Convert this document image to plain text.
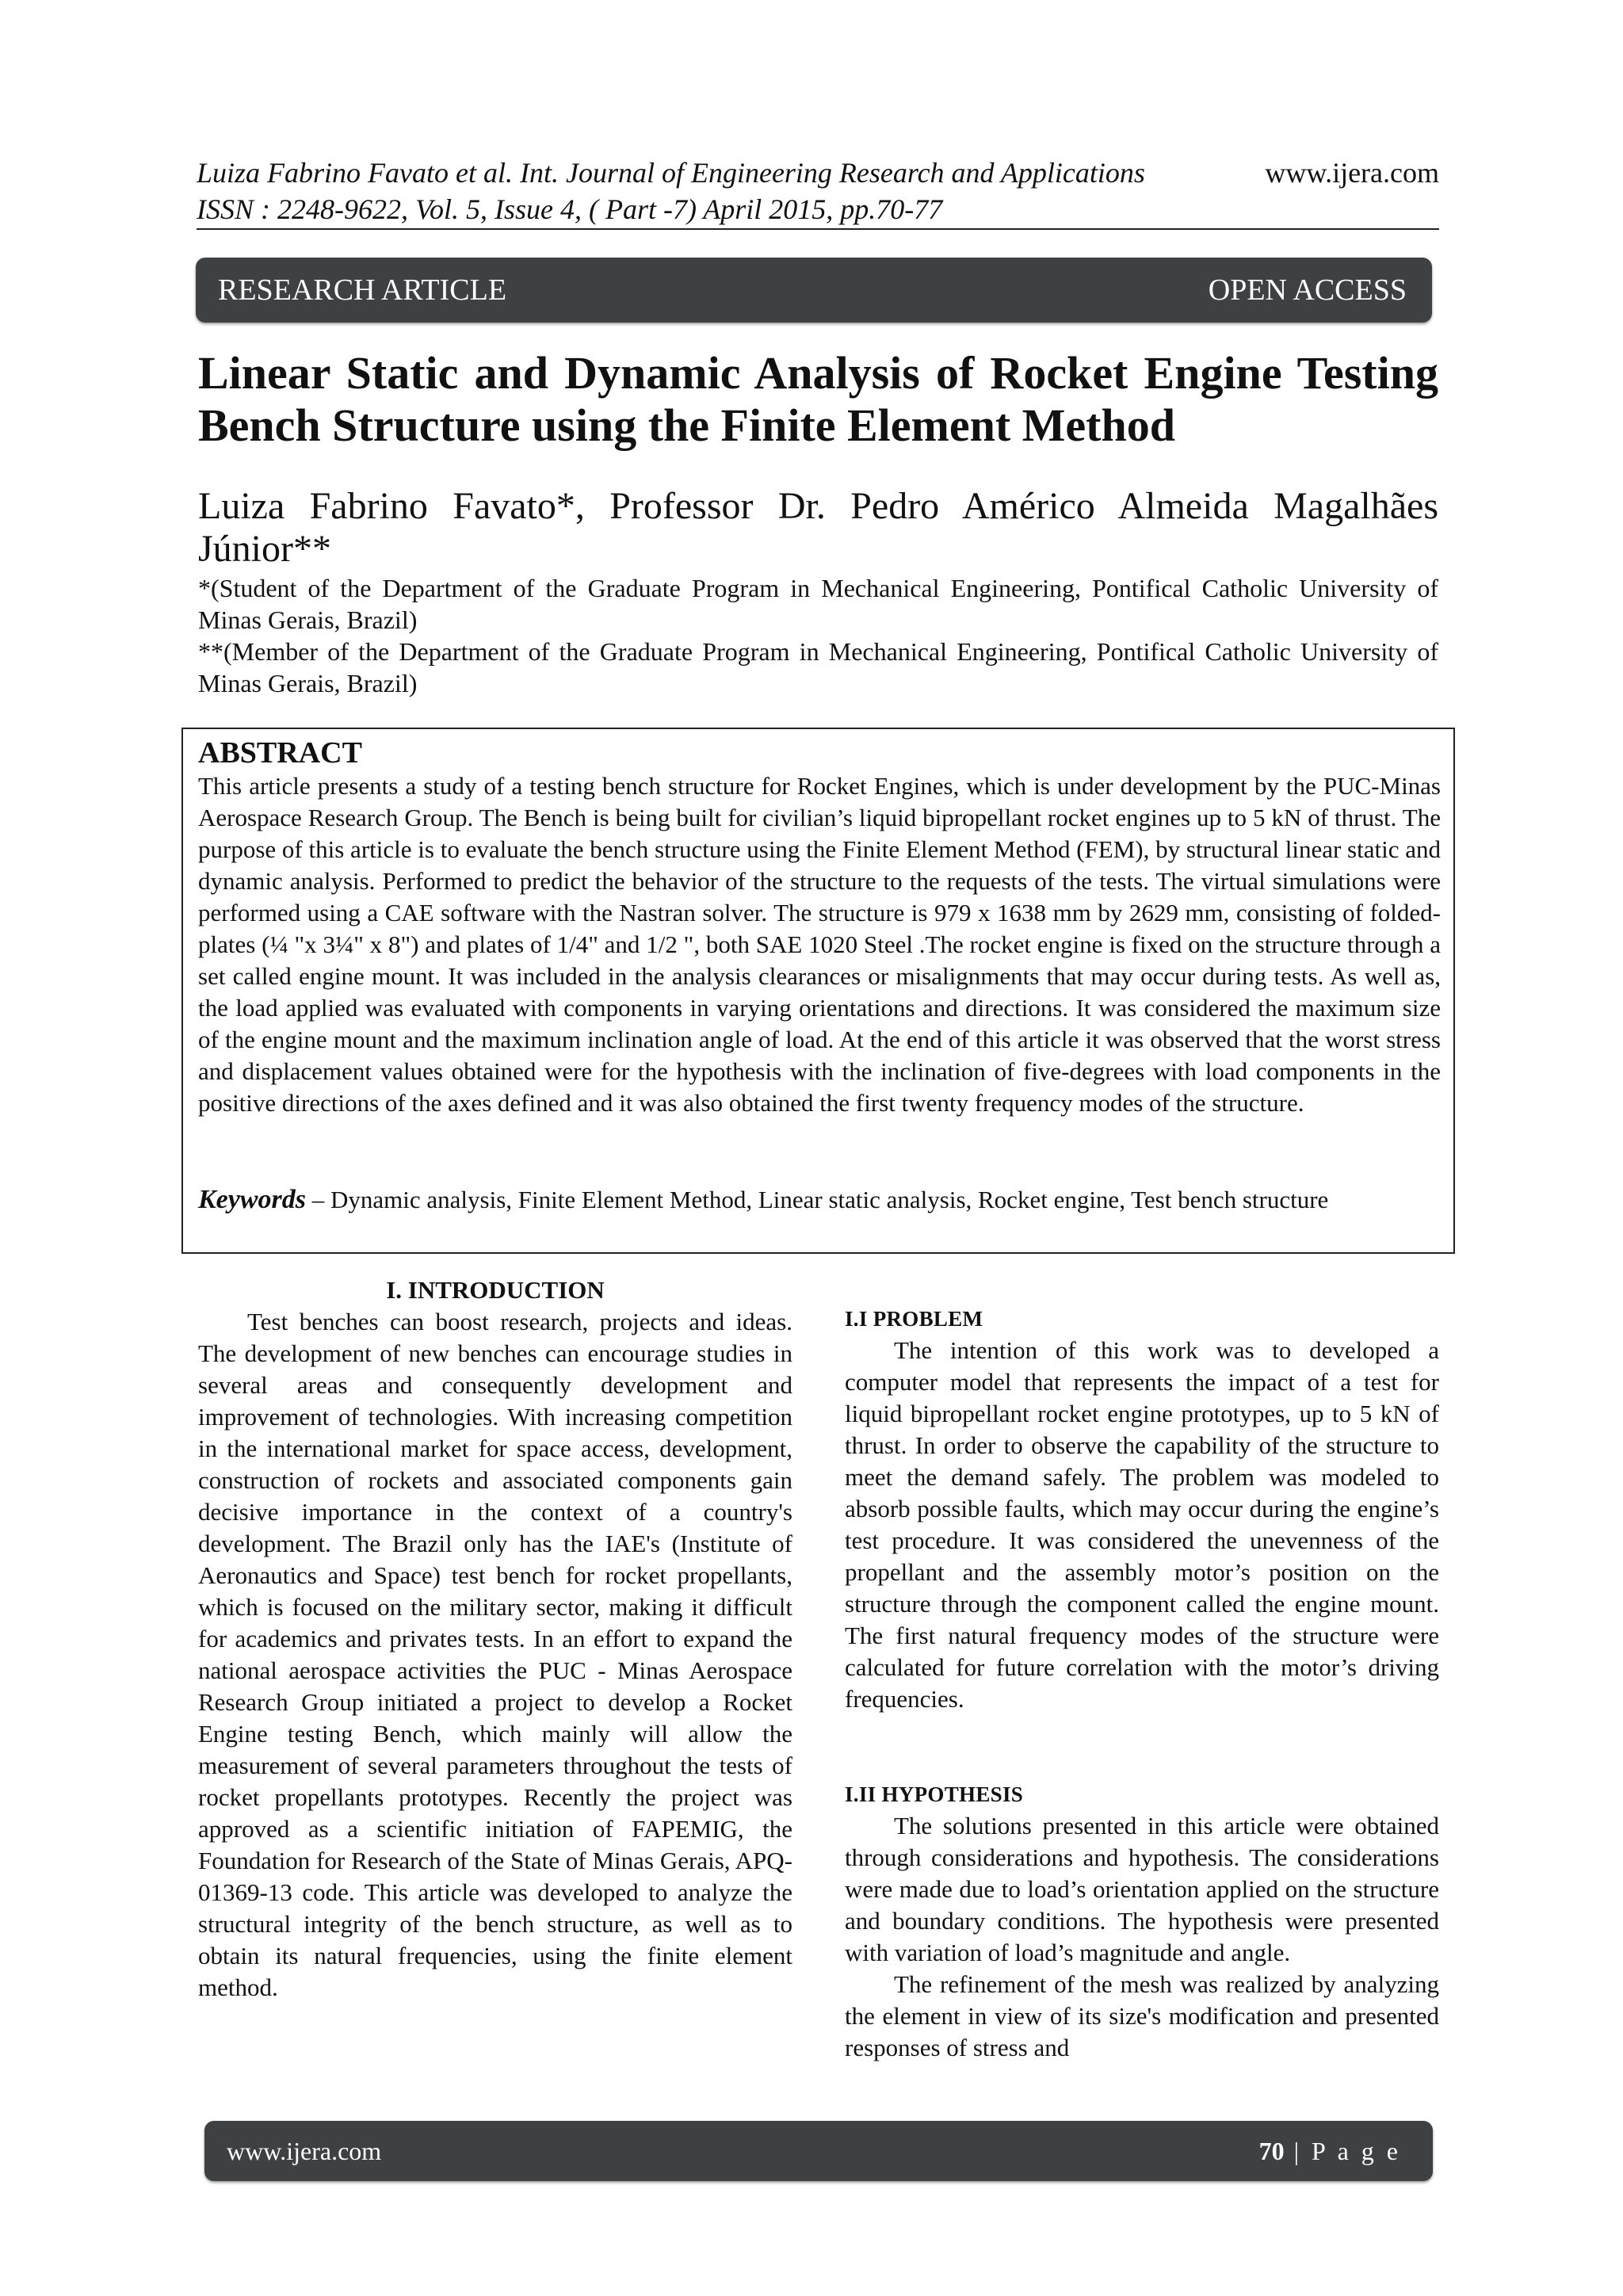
Luiza Fabrino Favato et al. Int. Journal of Engineering Research and Applications
ISSN : 2248-9622, Vol. 5, Issue 4, ( Part -7) April 2015, pp.70-77
www.ijera.com
RESEARCH ARTICLE	OPEN ACCESS
Linear Static and Dynamic Analysis of Rocket Engine Testing Bench Structure using the Finite Element Method
Luiza Fabrino Favato*, Professor Dr. Pedro Américo Almeida Magalhães Júnior**
*(Student of the Department of the Graduate Program in Mechanical Engineering, Pontifical Catholic University of Minas Gerais, Brazil)
**(Member of the Department of the Graduate Program in Mechanical Engineering, Pontifical Catholic University of Minas Gerais, Brazil)
ABSTRACT

This article presents a study of a testing bench structure for Rocket Engines, which is under development by the PUC-Minas Aerospace Research Group. The Bench is being built for civilian’s liquid bipropellant rocket engines up to 5 kN of thrust. The purpose of this article is to evaluate the bench structure using the Finite Element Method (FEM), by structural linear static and dynamic analysis. Performed to predict the behavior of the structure to the requests of the tests. The virtual simulations were performed using a CAE software with the Nastran solver. The structure is 979 x 1638 mm by 2629 mm, consisting of folded-plates (¼ "x 3¼" x 8") and plates of 1/4" and 1/2 ", both SAE 1020 Steel .The rocket engine is fixed on the structure through a set called engine mount. It was included in the analysis clearances or misalignments that may occur during tests. As well as, the load applied was evaluated with components in varying orientations and directions. It was considered the maximum size of the engine mount and the maximum inclination angle of load. At the end of this article it was observed that the worst stress and displacement values obtained were for the hypothesis with the inclination of five-degrees with load components in the positive directions of the axes defined and it was also obtained the first twenty frequency modes of the structure.

Keywords – Dynamic analysis, Finite Element Method, Linear static analysis, Rocket engine, Test bench structure

I. INTRODUCTION

Test benches can boost research, projects and ideas. The development of new benches can encourage studies in several areas and consequently development and improvement of technologies. With increasing competition in the international market for space access, development, construction of rockets and associated components gain decisive importance in the context of a country's development. The Brazil only has the IAE's (Institute of Aeronautics and Space) test bench for rocket propellants, which is focused on the military sector, making it difficult for academics and privates tests. In an effort to expand the national aerospace activities the PUC - Minas Aerospace Research Group initiated a project to develop a Rocket Engine testing Bench, which mainly will allow the measurement of several parameters throughout the tests of rocket propellants prototypes. Recently the project was approved as a scientific initiation of FAPEMIG, the Foundation for Research of the State of Minas Gerais, APQ-01369-13 code. This article was developed to analyze the structural integrity of the bench structure, as well as to obtain its natural frequencies, using the finite element method.

I.I PROBLEM

The intention of this work was to developed a computer model that represents the impact of a test for liquid bipropellant rocket engine prototypes, up to 5 kN of thrust. In order to observe the capability of the structure to meet the demand safely. The problem was modeled to absorb possible faults, which may occur during the engine’s test procedure. It was considered the unevenness of the propellant and the assembly motor’s position on the structure through the component called the engine mount. The first natural frequency modes of the structure were calculated for future correlation with the motor’s driving frequencies.

I.II HYPOTHESIS

The solutions presented in this article were obtained through considerations and hypothesis. The considerations were made due to load’s orientation applied on the structure and boundary conditions. The hypothesis were presented with variation of load’s magnitude and angle.

The refinement of the mesh was realized by analyzing the element in view of its size's modification and presented responses of stress and

www.ijera.com	70 | P a g e
